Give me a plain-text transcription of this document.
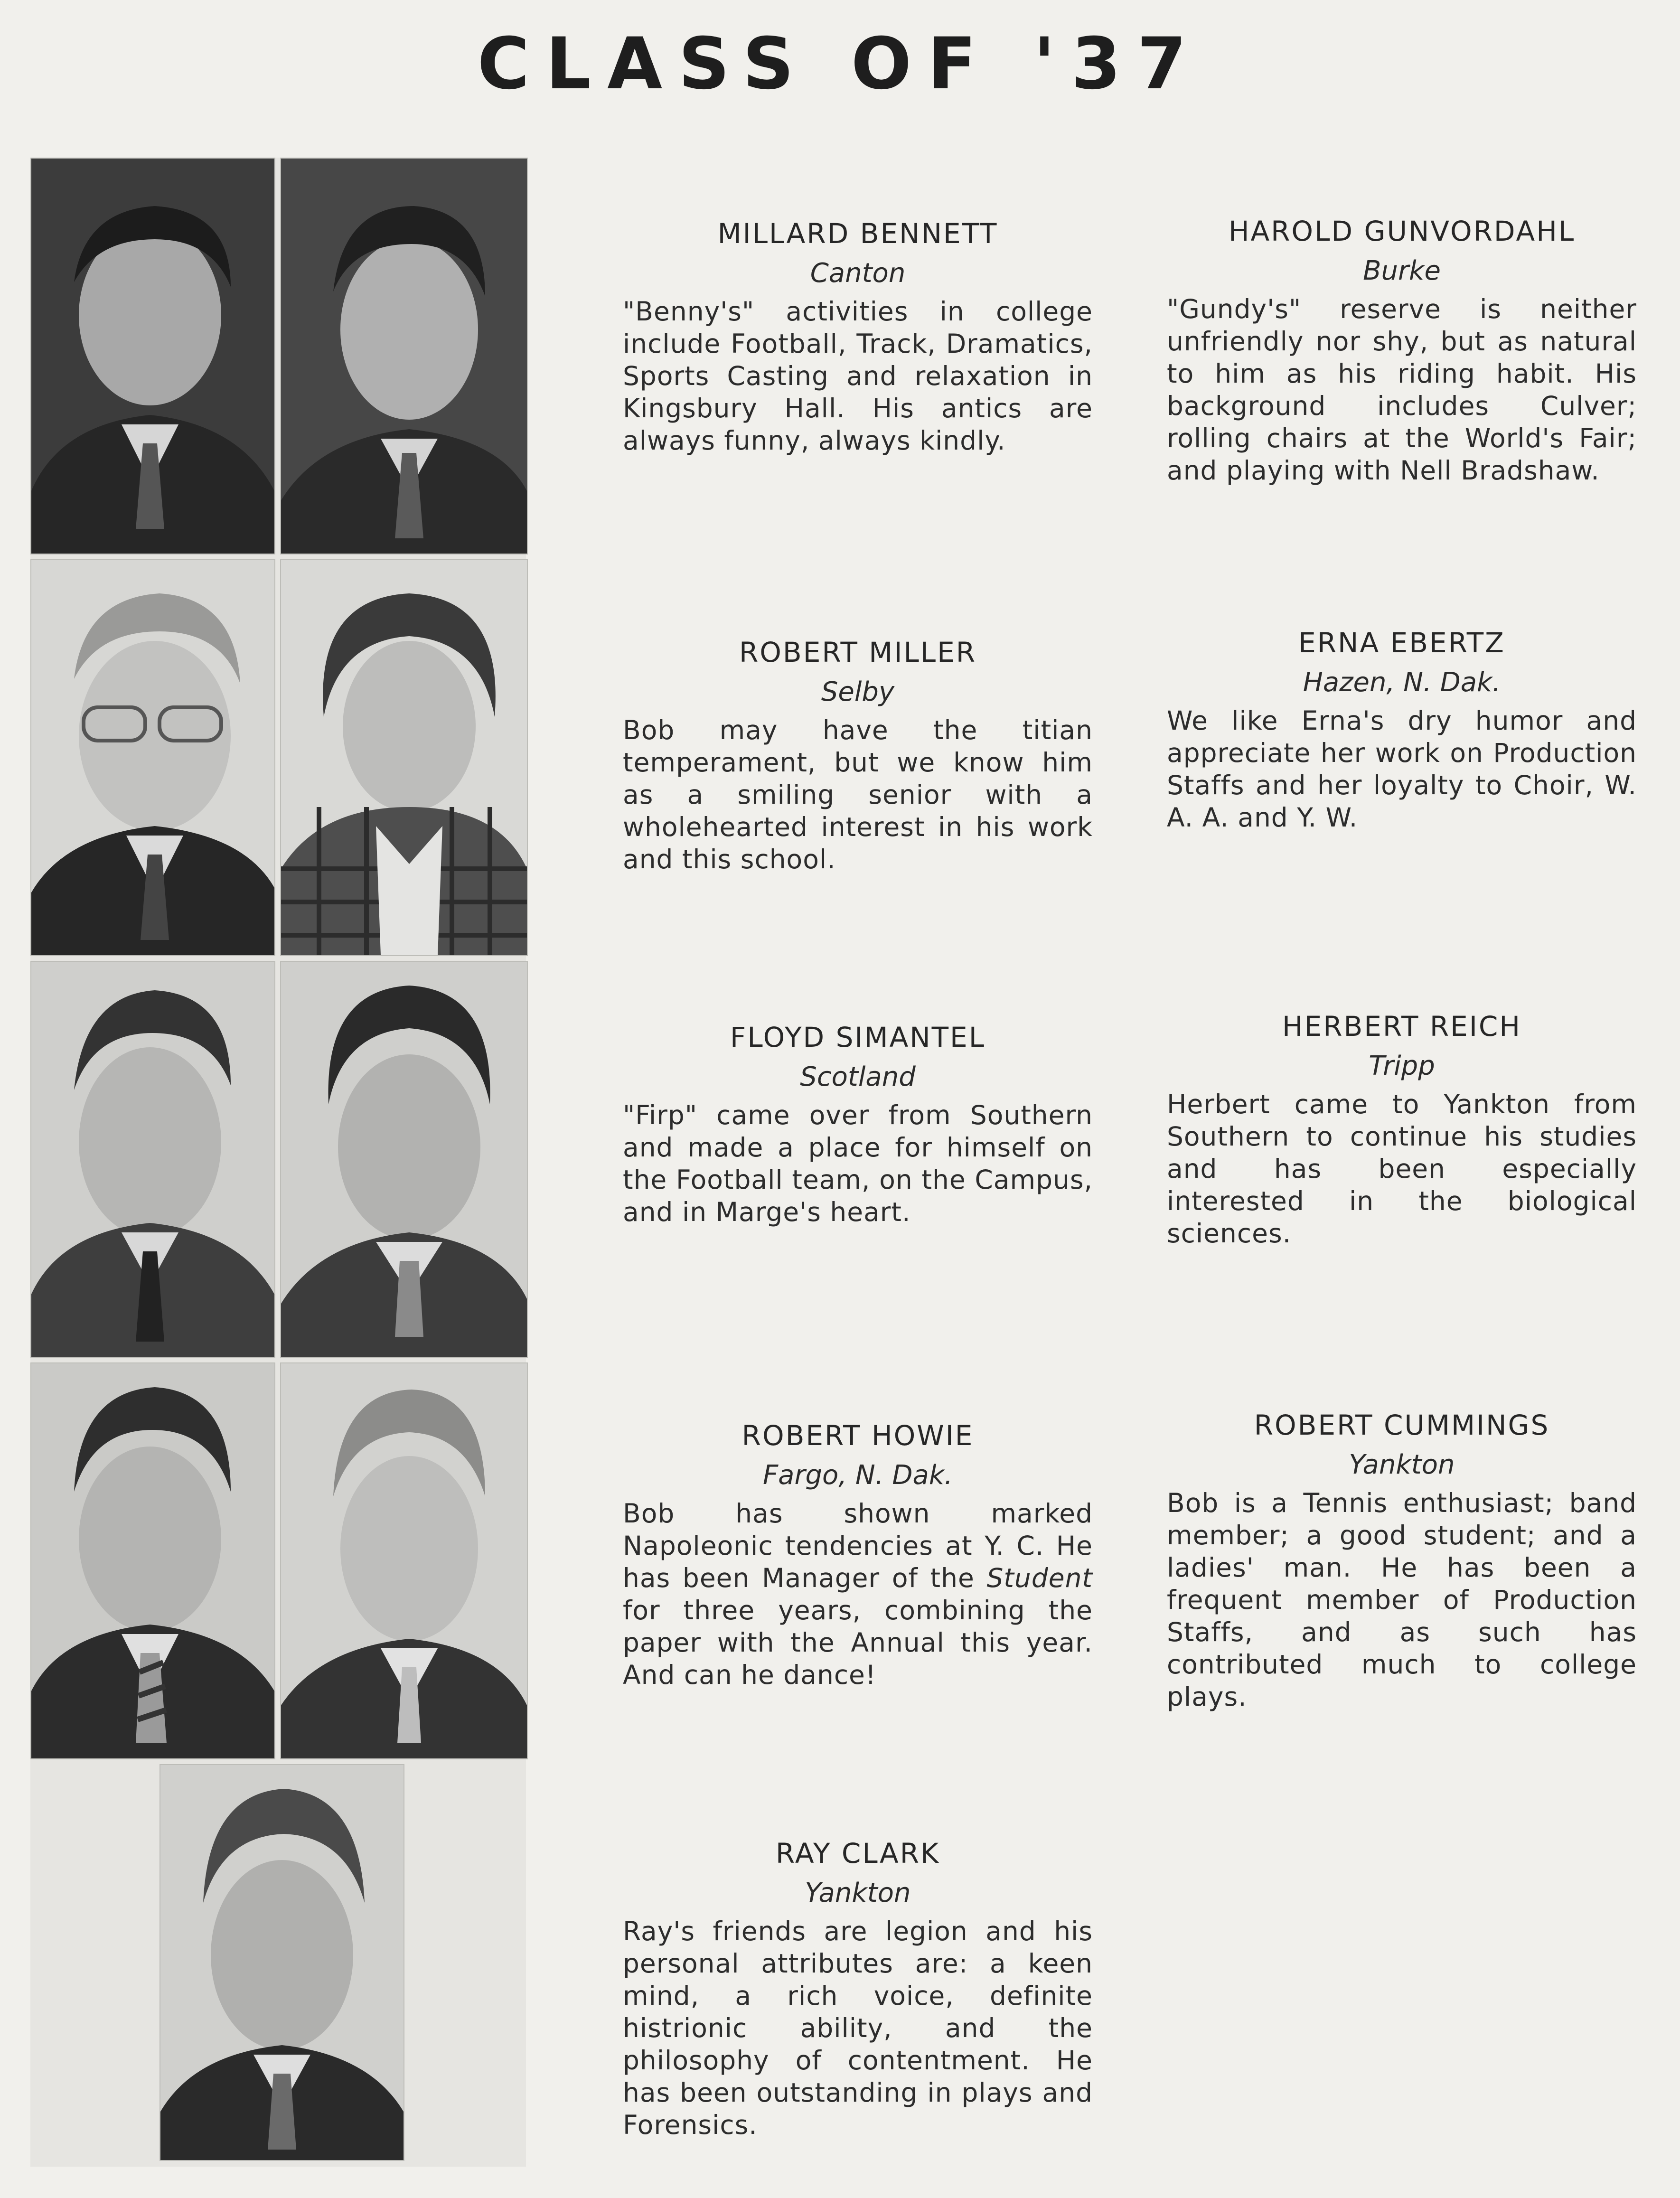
CLASS OF '37
MILLARD BENNETT
Canton
"Benny's" activities in college include Football, Track, Dramatics, Sports Casting and relaxation in Kingsbury Hall. His antics are always funny, always kindly.
ROBERT MILLER
Selby
Bob may have the titian temperament, but we know him as a smiling senior with a wholehearted interest in his work and this school.
FLOYD SIMANTEL
Scotland
"Firp" came over from Southern and made a place for himself on the Football team, on the Campus, and in Marge's heart.
ROBERT HOWIE
Fargo, N. Dak.
Bob has shown marked Napoleonic tendencies at Y. C. He has been Manager of the Student for three years, combining the paper with the Annual this year. And can he dance!
RAY CLARK
Yankton
Ray's friends are legion and his personal attributes are: a keen mind, a rich voice, definite histrionic ability, and the philosophy of contentment. He has been outstanding in plays and Forensics.
HAROLD GUNVORDAHL
Burke
"Gundy's" reserve is neither unfriendly nor shy, but as natural to him as his riding habit. His background includes Culver; rolling chairs at the World's Fair; and playing with Nell Bradshaw.
ERNA EBERTZ
Hazen, N. Dak.
We like Erna's dry humor and appreciate her work on Production Staffs and her loyalty to Choir, W. A. A. and Y. W.
HERBERT REICH
Tripp
Herbert came to Yankton from Southern to continue his studies and has been especially interested in the biological sciences.
ROBERT CUMMINGS
Yankton
Bob is a Tennis enthusiast; band member; a good student; and a ladies' man. He has been a frequent member of Production Staffs, and as such has contributed much to college plays.
